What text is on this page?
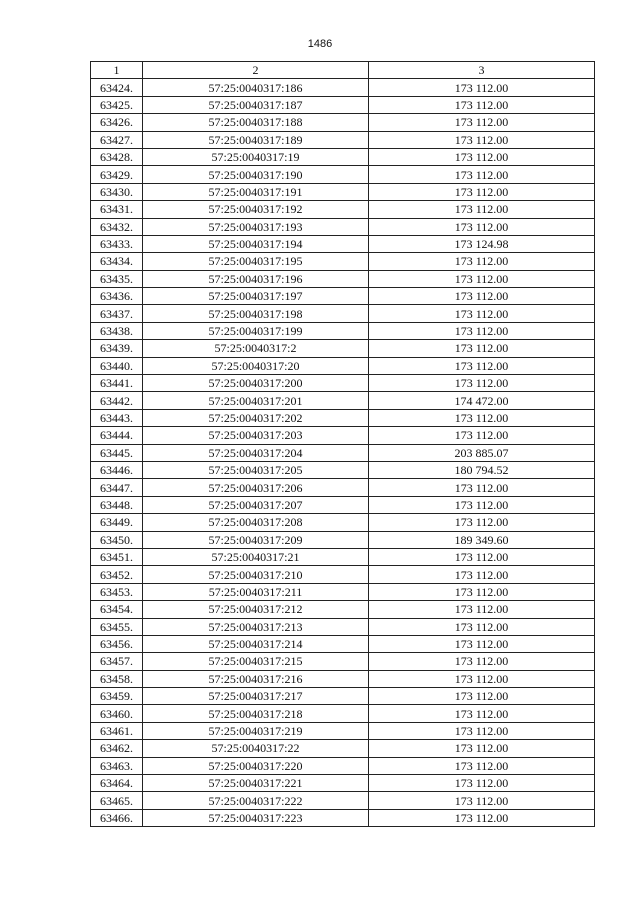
1486
1	2	3
63424.	57:25:0040317:186	173 112.00
63425.	57:25:0040317:187	173 112.00
63426.	57:25:0040317:188	173 112.00
63427.	57:25:0040317:189	173 112.00
63428.	57:25:0040317:19	173 112.00
63429.	57:25:0040317:190	173 112.00
63430.	57:25:0040317:191	173 112.00
63431.	57:25:0040317:192	173 112.00
63432.	57:25:0040317:193	173 112.00
63433.	57:25:0040317:194	173 124.98
63434.	57:25:0040317:195	173 112.00
63435.	57:25:0040317:196	173 112.00
63436.	57:25:0040317:197	173 112.00
63437.	57:25:0040317:198	173 112.00
63438.	57:25:0040317:199	173 112.00
63439.	57:25:0040317:2	173 112.00
63440.	57:25:0040317:20	173 112.00
63441.	57:25:0040317:200	173 112.00
63442.	57:25:0040317:201	174 472.00
63443.	57:25:0040317:202	173 112.00
63444.	57:25:0040317:203	173 112.00
63445.	57:25:0040317:204	203 885.07
63446.	57:25:0040317:205	180 794.52
63447.	57:25:0040317:206	173 112.00
63448.	57:25:0040317:207	173 112.00
63449.	57:25:0040317:208	173 112.00
63450.	57:25:0040317:209	189 349.60
63451.	57:25:0040317:21	173 112.00
63452.	57:25:0040317:210	173 112.00
63453.	57:25:0040317:211	173 112.00
63454.	57:25:0040317:212	173 112.00
63455.	57:25:0040317:213	173 112.00
63456.	57:25:0040317:214	173 112.00
63457.	57:25:0040317:215	173 112.00
63458.	57:25:0040317:216	173 112.00
63459.	57:25:0040317:217	173 112.00
63460.	57:25:0040317:218	173 112.00
63461.	57:25:0040317:219	173 112.00
63462.	57:25:0040317:22	173 112.00
63463.	57:25:0040317:220	173 112.00
63464.	57:25:0040317:221	173 112.00
63465.	57:25:0040317:222	173 112.00
63466.	57:25:0040317:223	173 112.00
